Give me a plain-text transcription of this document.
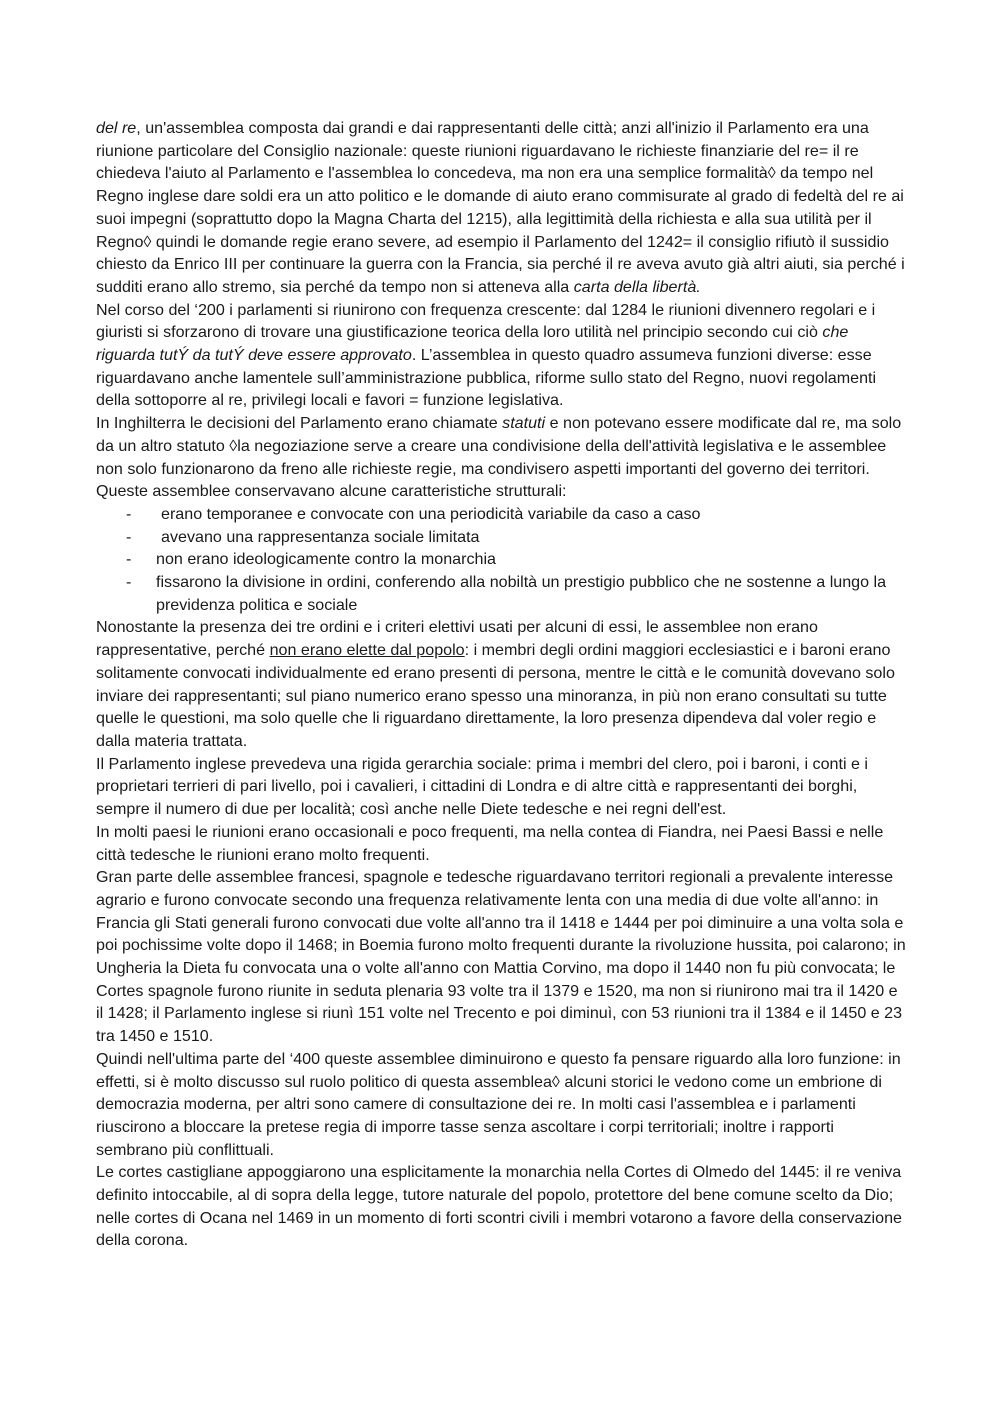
del re, un'assemblea composta dai grandi e dai rappresentanti delle città; anzi all'inizio il Parlamento era una riunione particolare del Consiglio nazionale: queste riunioni riguardavano le richieste finanziarie del re= il re chiedeva l'aiuto al Parlamento e l'assemblea lo concedeva, ma non era una semplice formalità◊ da tempo nel Regno inglese dare soldi era un atto politico e le domande di aiuto erano commisurate al grado di fedeltà del re ai suoi impegni (soprattutto dopo la Magna Charta del 1215), alla legittimità della richiesta e alla sua utilità per il Regno◊ quindi le domande regie erano severe, ad esempio il Parlamento del 1242= il consiglio rifiutò il sussidio chiesto da Enrico III per continuare la guerra con la Francia, sia perché il re aveva avuto già altri aiuti, sia perché i sudditi erano allo stremo, sia perché da tempo non si atteneva alla carta della libertà.

Nel corso del ‘200 i parlamenti si riunirono con frequenza crescente: dal 1284 le riunioni divennero regolari e i giuristi si sforzarono di trovare una giustificazione teorica della loro utilità nel principio secondo cui ciò che riguarda tutÝ da tutÝ deve essere approvato. L’assemblea in questo quadro assumeva funzioni diverse: esse riguardavano anche lamentele sull’amministrazione pubblica, riforme sullo stato del Regno, nuovi regolamenti della sottoporre al re, privilegi locali e favori = funzione legislativa.

In Inghilterra le decisioni del Parlamento erano chiamate statuti e non potevano essere modificate dal re, ma solo da un altro statuto ◊la negoziazione serve a creare una condivisione della dell'attività legislativa e le assemblee non solo funzionarono da freno alle richieste regie, ma condivisero aspetti importanti del governo dei territori.

Queste assemblee conservavano alcune caratteristiche strutturali:

- erano temporanee e convocate con una periodicità variabile da caso a caso
- avevano una rappresentanza sociale limitata
- non erano ideologicamente contro la monarchia
- fissarono la divisione in ordini, conferendo alla nobiltà un prestigio pubblico che ne sostenne a lungo la previdenza politica e sociale

Nonostante la presenza dei tre ordini e i criteri elettivi usati per alcuni di essi, le assemblee non erano rappresentative, perché non erano elette dal popolo: i membri degli ordini maggiori ecclesiastici e i baroni erano solitamente convocati individualmente ed erano presenti di persona, mentre le città e le comunità dovevano solo inviare dei rappresentanti; sul piano numerico erano spesso una minoranza, in più non erano consultati su tutte quelle le questioni, ma solo quelle che li riguardano direttamente, la loro presenza dipendeva dal voler regio e dalla materia trattata.

Il Parlamento inglese prevedeva una rigida gerarchia sociale: prima i membri del clero, poi i baroni, i conti e i proprietari terrieri di pari livello, poi i cavalieri, i cittadini di Londra e di altre città e rappresentanti dei borghi, sempre il numero di due per località; così anche nelle Diete tedesche e nei regni dell'est.

In molti paesi le riunioni erano occasionali e poco frequenti, ma nella contea di Fiandra, nei Paesi Bassi e nelle città tedesche le riunioni erano molto frequenti.

Gran parte delle assemblee francesi, spagnole e tedesche riguardavano territori regionali a prevalente interesse agrario e furono convocate secondo una frequenza relativamente lenta con una media di due volte all'anno: in Francia gli Stati generali furono convocati due volte all'anno tra il 1418 e 1444 per poi diminuire a una volta sola e poi pochissime volte dopo il 1468; in Boemia furono molto frequenti durante la rivoluzione hussita, poi calarono; in Ungheria la Dieta fu convocata una o volte all'anno con Mattia Corvino, ma dopo il 1440 non fu più convocata; le Cortes spagnole furono riunite in seduta plenaria 93 volte tra il 1379 e 1520, ma non si riunirono mai tra il 1420 e il 1428; il Parlamento inglese si riunì 151 volte nel Trecento e poi diminuì, con 53 riunioni tra il 1384 e il 1450 e 23 tra 1450 e 1510.

Quindi nell'ultima parte del ‘400 queste assemblee diminuirono e questo fa pensare riguardo alla loro funzione: in effetti, si è molto discusso sul ruolo politico di questa assemblea◊ alcuni storici le vedono come un embrione di democrazia moderna, per altri sono camere di consultazione dei re. In molti casi l'assemblea e i parlamenti riuscirono a bloccare la pretese regia di imporre tasse senza ascoltare i corpi territoriali; inoltre i rapporti sembrano più conflittuali.

Le cortes castigliane appoggiarono una esplicitamente la monarchia nella Cortes di Olmedo del 1445: il re veniva definito intoccabile, al di sopra della legge, tutore naturale del popolo, protettore del bene comune scelto da Dio; nelle cortes di Ocana nel 1469 in un momento di forti scontri civili i membri votarono a favore della conservazione della corona.
